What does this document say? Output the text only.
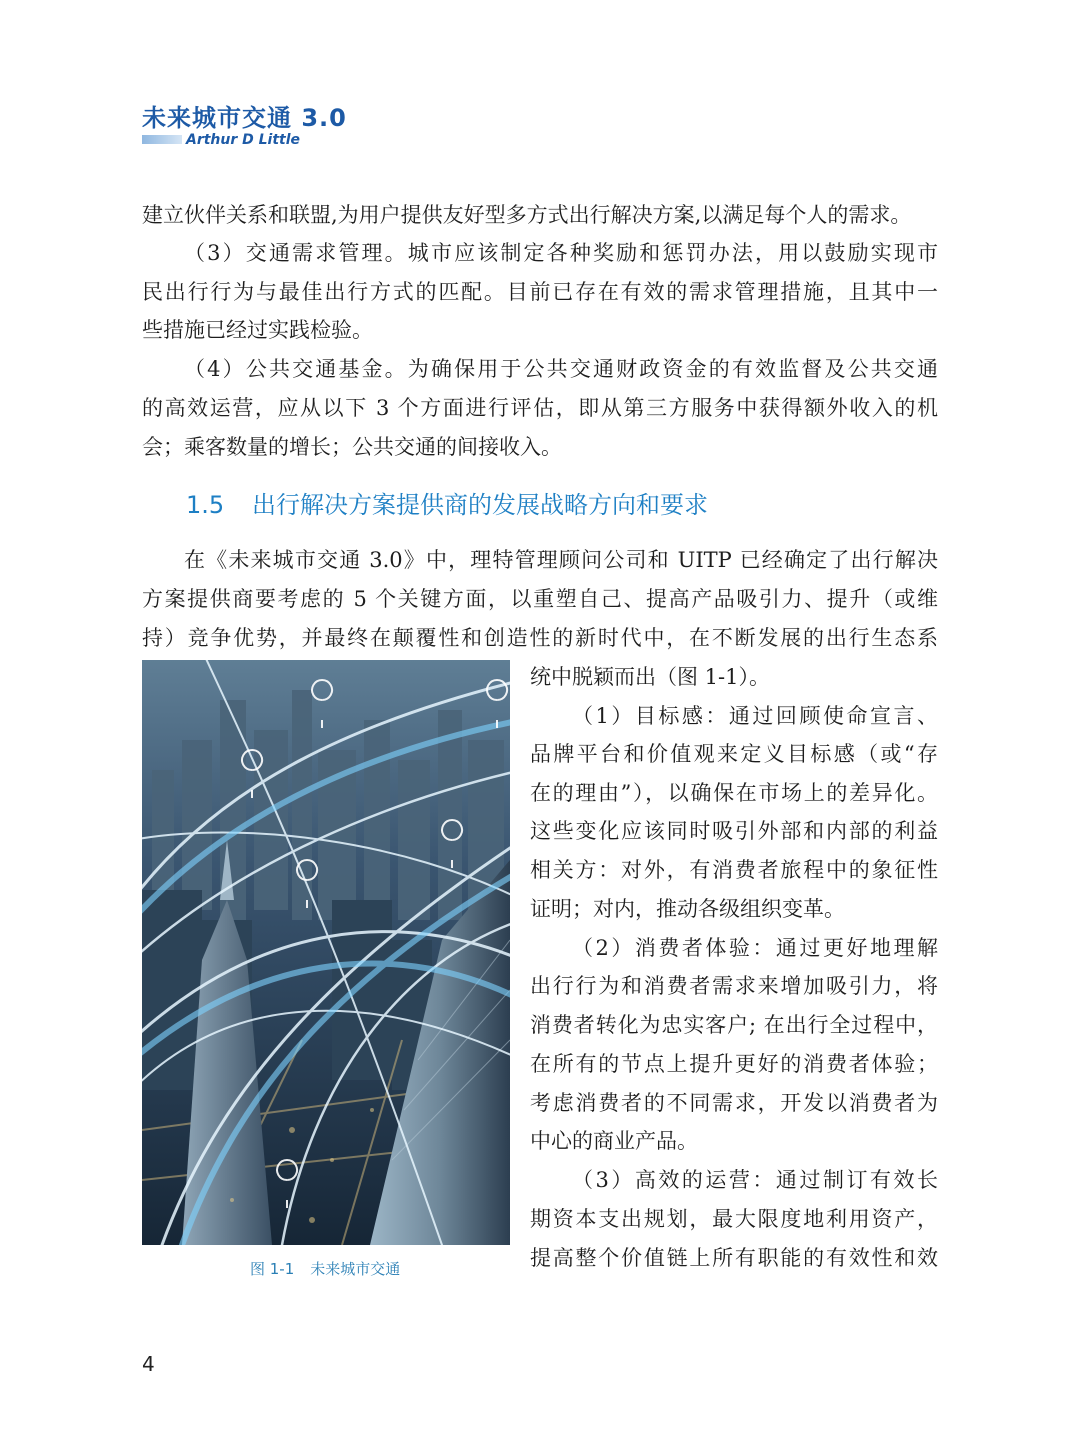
未来城市交通 3.0
Arthur D Little

建立伙伴关系和联盟,为用户提供友好型多方式出行解决方案,以满足每个人的需求。

（3）交通需求管理。城市应该制定各种奖励和惩罚办法，用以鼓励实现市

民出行行为与最佳出行方式的匹配。目前已存在有效的需求管理措施，且其中一

些措施已经过实践检验。

（4）公共交通基金。为确保用于公共交通财政资金的有效监督及公共交通

的高效运营，应从以下 3 个方面进行评估，即从第三方服务中获得额外收入的机

会；乘客数量的增长；公共交通的间接收入。

1.5 出行解决方案提供商的发展战略方向和要求

在《未来城市交通 3.0》中，理特管理顾问公司和 UITP 已经确定了出行解决

方案提供商要考虑的 5 个关键方面，以重塑自己、提高产品吸引力、提升（或维

持）竞争优势，并最终在颠覆性和创造性的新时代中，在不断发展的出行生态系

统中脱颖而出（图 1-1）。

（1）目标感：通过回顾使命宣言、

品牌平台和价值观来定义目标感（或“存

在的理由”），以确保在市场上的差异化。

这些变化应该同时吸引外部和内部的利益

相关方：对外，有消费者旅程中的象征性

证明；对内，推动各级组织变革。

（2）消费者体验：通过更好地理解

出行行为和消费者需求来增加吸引力，将

消费者转化为忠实客户; 在出行全过程中，

在所有的节点上提升更好的消费者体验；

考虑消费者的不同需求，开发以消费者为

中心的商业产品。

（3）高效的运营：通过制订有效长

期资本支出规划，最大限度地利用资产，

提高整个价值链上所有职能的有效性和效

图 1-1 未来城市交通
4
